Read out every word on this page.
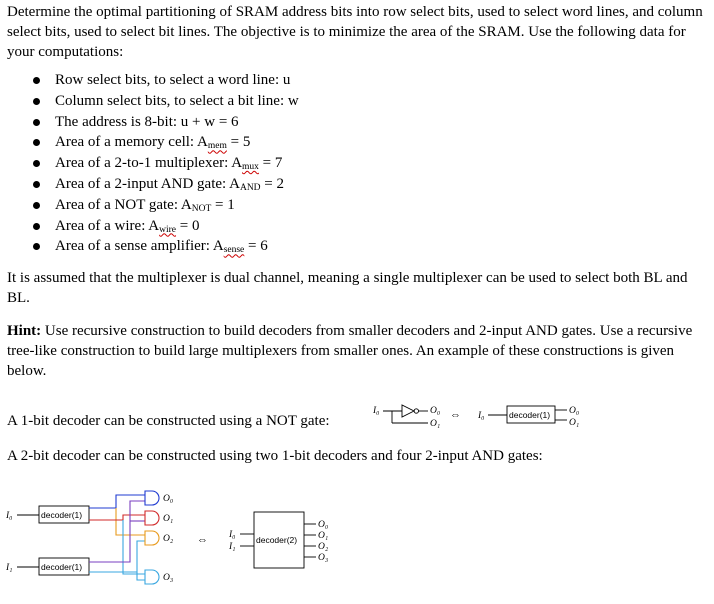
Determine the optimal partitioning of SRAM address bits into row select bits, used to select word lines, and column select bits, used to select bit lines. The objective is to minimize the area of the SRAM. Use the following data for your computations:
Row select bits, to select a word line: u
Column select bits, to select a bit line: w
The address is 8-bit: u + w = 6
Area of a memory cell: Amem = 5
Area of a 2-to-1 multiplexer: Amux = 7
Area of a 2-input AND gate: AAND = 2
Area of a NOT gate: ANOT = 1
Area of a wire: Awire = 0
Area of a sense amplifier: Asense = 6
It is assumed that the multiplexer is dual channel, meaning a single multiplexer can be used to select both BL and BL.
Hint: Use recursive construction to build decoders from smaller decoders and 2-input AND gates. Use a recursive tree-like construction to build large multiplexers from smaller ones. An example of these constructions is given below.
A 1-bit decoder can be constructed using a NOT gate:
A 2-bit decoder can be constructed using two 1-bit decoders and four 2-input AND gates:
I₀	O₀
O₁
⇔ I₀	decoder(1) O₀
O₁
I₀
I₁
decoder(1)
decoder(1)
O₀
O₁
O₂
O₃
⇔ I₀
I₁
decoder(2)
O₀
O₁
O₂
O₃
